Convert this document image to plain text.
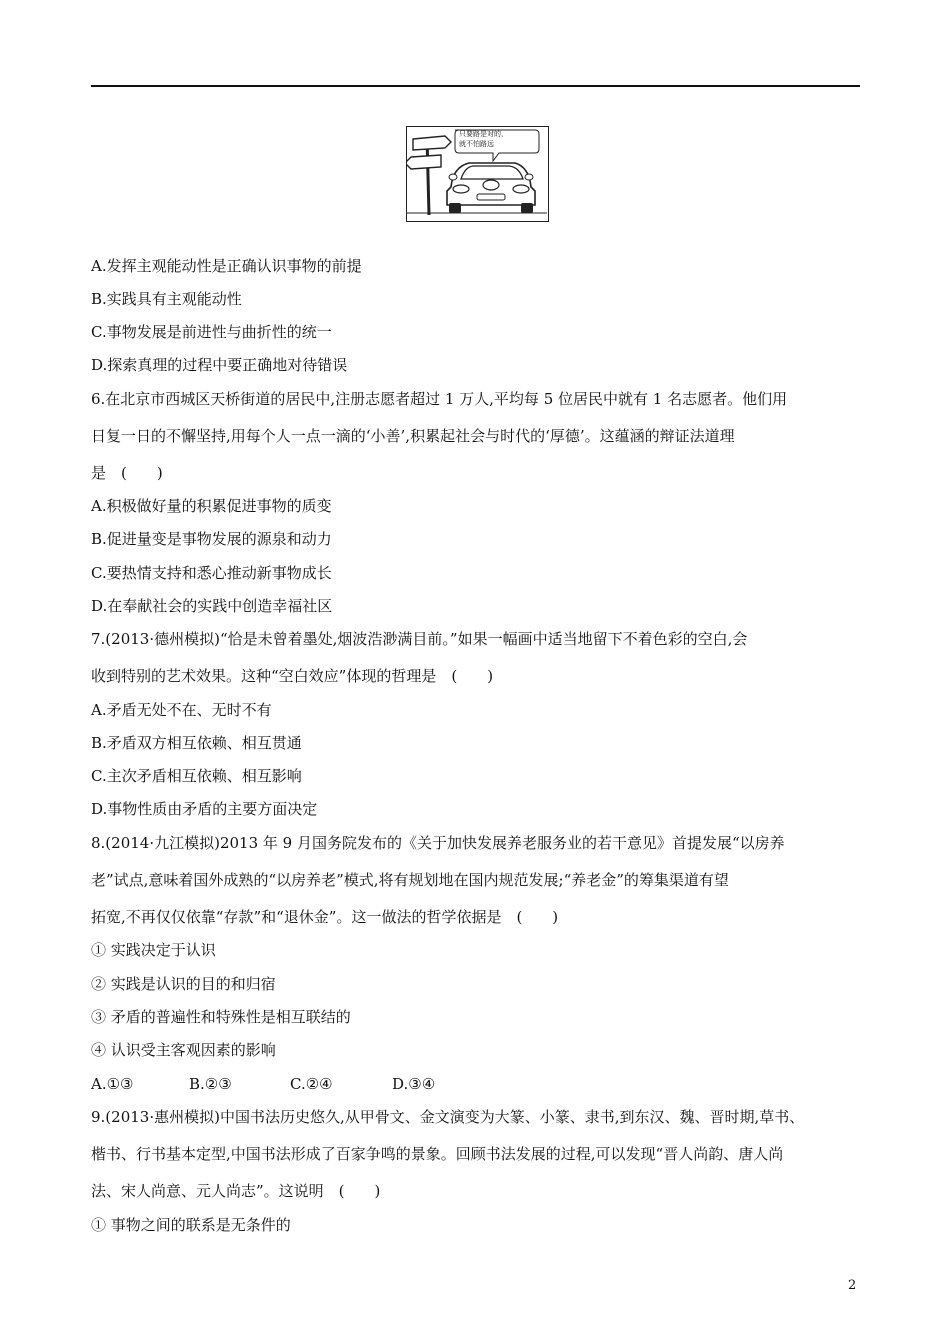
只要路是对的，
就不怕路远
A.发挥主观能动性是正确认识事物的前提
B.实践具有主观能动性
C.事物发展是前进性与曲折性的统一
D.探索真理的过程中要正确地对待错误
6.在北京市西城区天桥街道的居民中,注册志愿者超过 1 万人,平均每 5 位居民中就有 1 名志愿者。他们用
日复一日的不懈坚持,用每个人一点一滴的‘小善’,积累起社会与时代的‘厚德’。这蕴涵的辩证法道理
是　(　　)
A.积极做好量的积累促进事物的质变
B.促进量变是事物发展的源泉和动力
C.要热情支持和悉心推动新事物成长
D.在奉献社会的实践中创造幸福社区
7.(2013·德州模拟)“恰是未曾着墨处,烟波浩渺满目前。”如果一幅画中适当地留下不着色彩的空白,会
收到特别的艺术效果。这种“空白效应”体现的哲理是　(　　)
A.矛盾无处不在、无时不有
B.矛盾双方相互依赖、相互贯通
C.主次矛盾相互依赖、相互影响
D.事物性质由矛盾的主要方面决定
8.(2014·九江模拟)2013 年 9 月国务院发布的《关于加快发展养老服务业的若干意见》首提发展“以房养
老”试点,意味着国外成熟的“以房养老”模式,将有规划地在国内规范发展;“养老金”的筹集渠道有望
拓宽,不再仅仅依靠“存款”和“退休金”。这一做法的哲学依据是　(　　)
① 实践决定于认识
② 实践是认识的目的和归宿
③ 矛盾的普遍性和特殊性是相互联结的
④ 认识受主客观因素的影响
A.①③	B.②③	C.②④	D.③④
9.(2013·惠州模拟)中国书法历史悠久,从甲骨文、金文演变为大篆、小篆、隶书,到东汉、魏、晋时期,草书、
楷书、行书基本定型,中国书法形成了百家争鸣的景象。回顾书法发展的过程,可以发现“晋人尚韵、唐人尚
法、宋人尚意、元人尚志”。这说明　(　　)
① 事物之间的联系是无条件的
2
